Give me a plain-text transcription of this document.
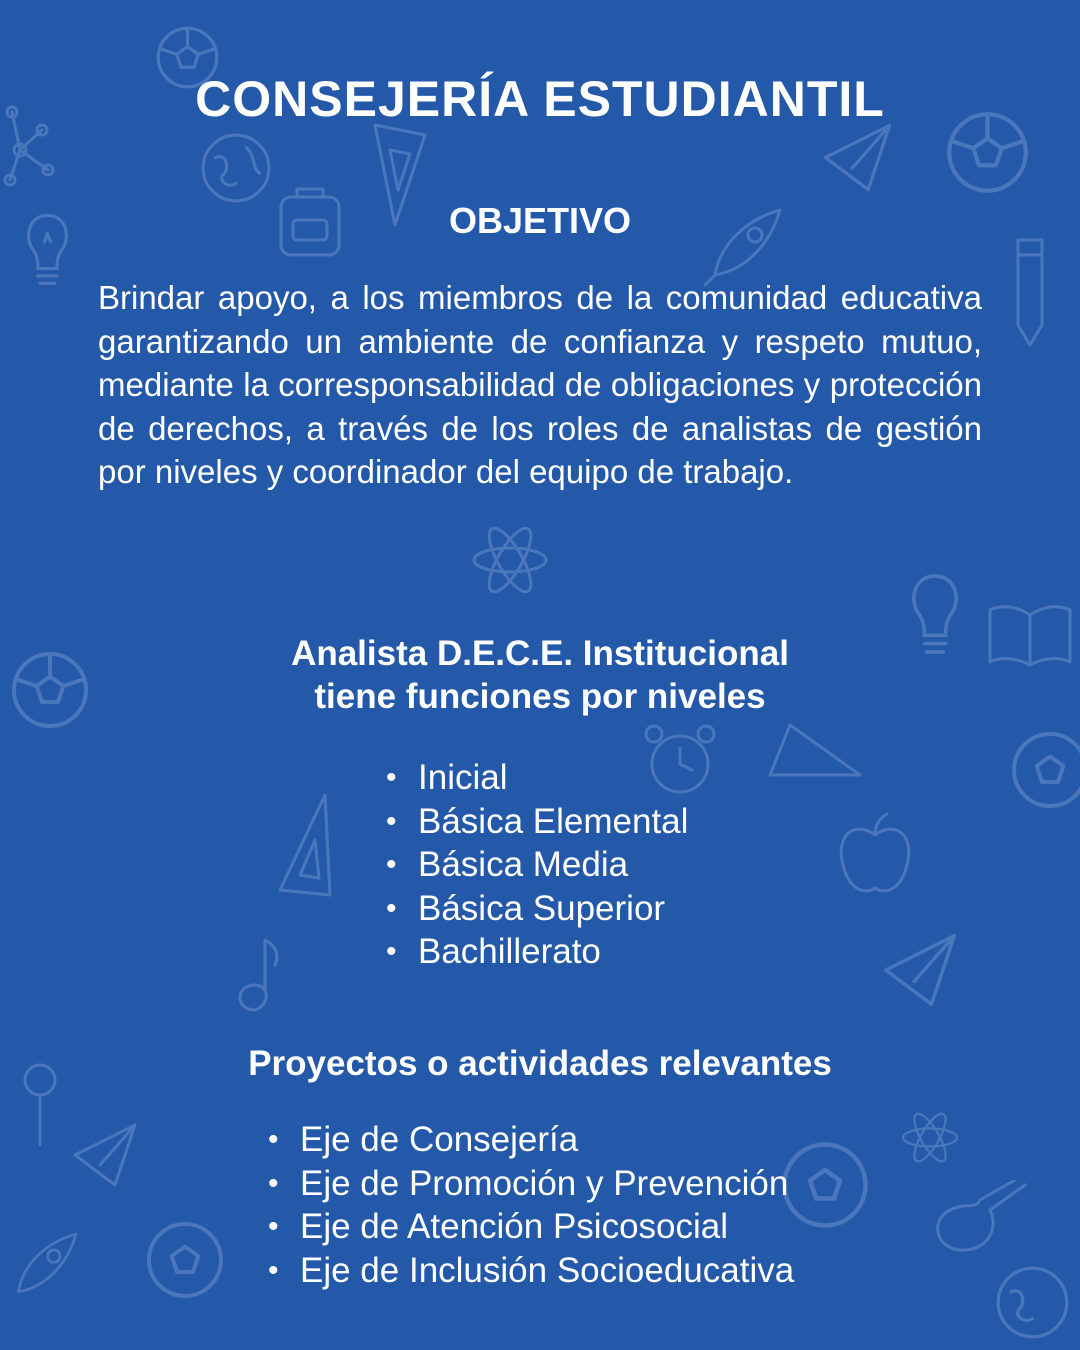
CONSEJERÍA ESTUDIANTIL
OBJETIVO

Brindar apoyo, a los miembros de la comunidad educativa garantizando un ambiente de confianza y respeto mutuo, mediante la corresponsabilidad de obligaciones y protección de derechos, a través de los roles de analistas de gestión por niveles y coordinador del equipo de trabajo.

Analista D.E.C.E. Institucional
tiene funciones por niveles
• Inicial
• Básica Elemental
• Básica Media
• Básica Superior
• Bachillerato
Proyectos o actividades relevantes
• Eje de Consejería
• Eje de Promoción y Prevención
• Eje de Atención Psicosocial
• Eje de Inclusión Socioeducativa
